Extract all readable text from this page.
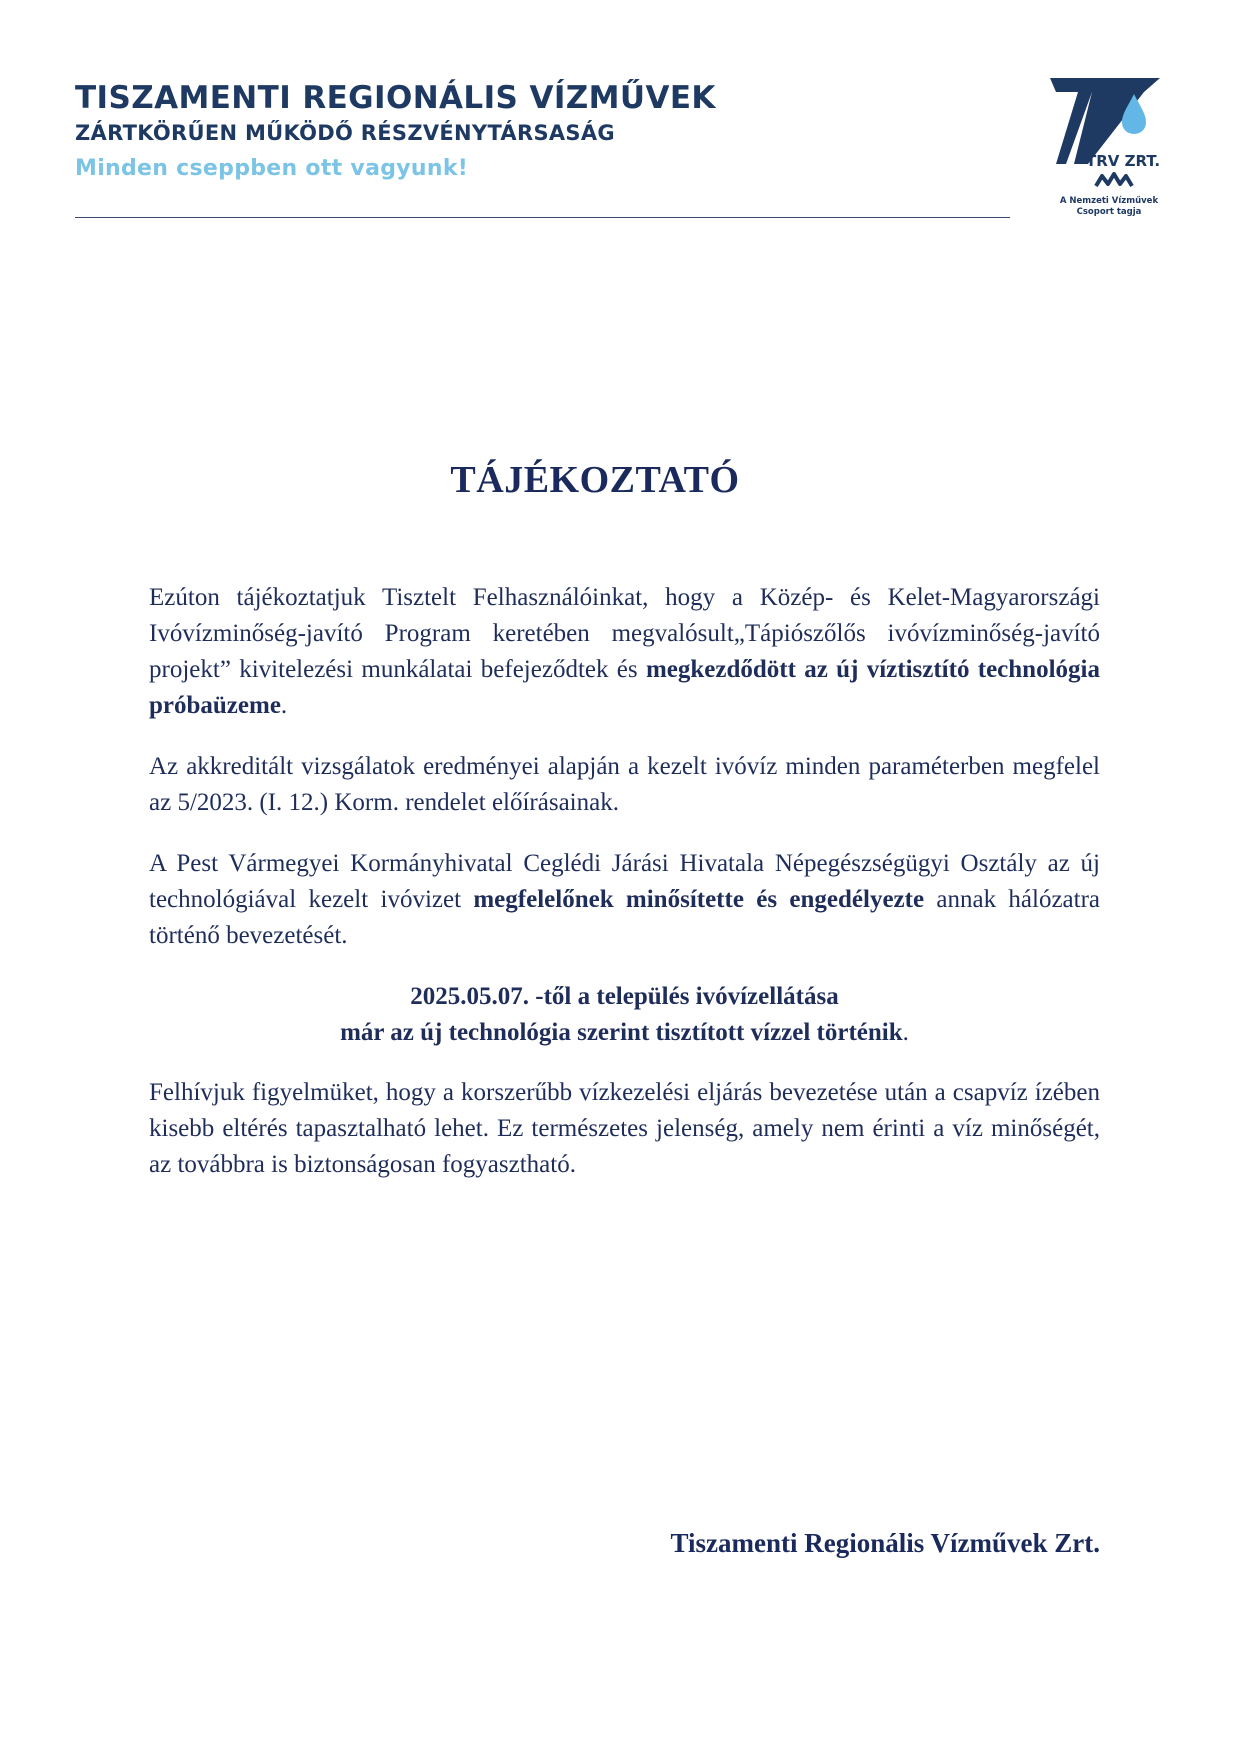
TISZAMENTI REGIONÁLIS VÍZMŰVEK
ZÁRTKÖRŰEN MŰKÖDŐ RÉSZVÉNYTÁRSASÁG
Minden cseppben ott vagyunk!	TRV ZRT.
A Nemzeti Vízművek
Csoport tagja
TÁJÉKOZTATÓ

Ezúton tájékoztatjuk Tisztelt Felhasználóinkat, hogy a Közép- és Kelet-Magyarországi Ivóvízminőség-javító Program keretében megvalósult„Tápiószőlős ivóvízminőség-javító projekt” kivitelezési munkálatai befejeződtek és megkezdődött az új víztisztító technológia próbaüzeme.

Az akkreditált vizsgálatok eredményei alapján a kezelt ivóvíz minden paraméterben megfelel az 5/2023. (I. 12.) Korm. rendelet előírásainak.

A Pest Vármegyei Kormányhivatal Ceglédi Járási Hivatala Népegészségügyi Osztály az új technológiával kezelt ivóvizet megfelelőnek minősítette és engedélyezte annak hálózatra történő bevezetését.

2025.05.07. -től a település ivóvízellátása
már az új technológia szerint tisztított vízzel történik.

Felhívjuk figyelmüket, hogy a korszerűbb vízkezelési eljárás bevezetése után a csapvíz ízében kisebb eltérés tapasztalható lehet. Ez természetes jelenség, amely nem érinti a víz minőségét, az továbbra is biztonságosan fogyasztható.

Tiszamenti Regionális Vízművek Zrt.
